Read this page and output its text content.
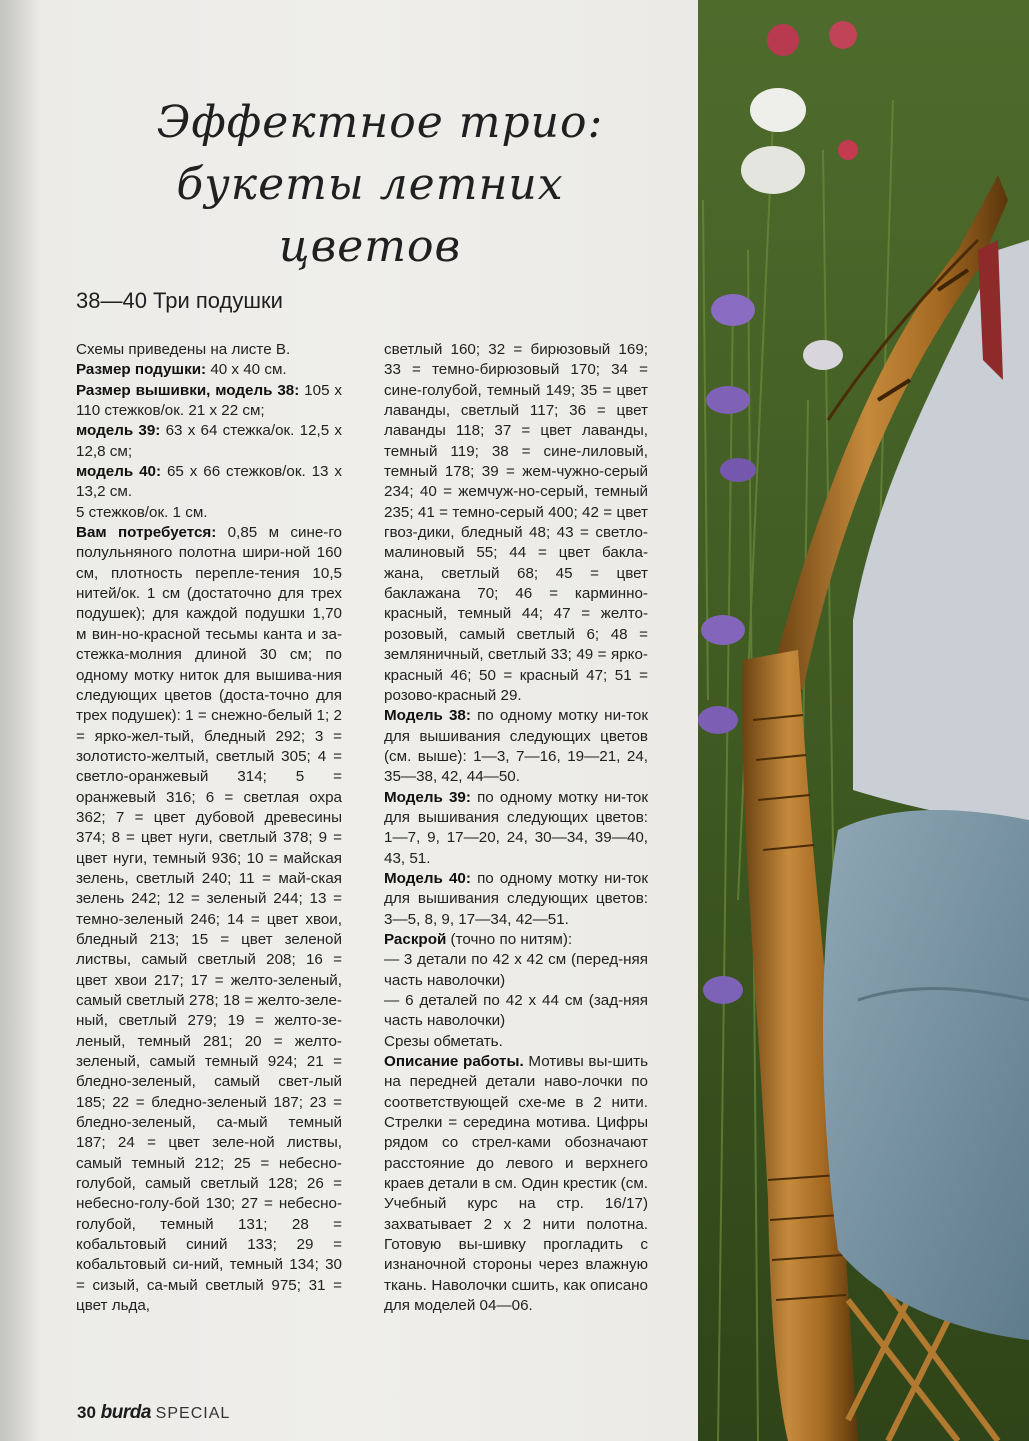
Эффектное трио:
букеты летних цветов
38—40 Три подушки

Схемы приведены на листе B.

Размер подушки: 40 x 40 см.

Размер вышивки, модель 38: 105 x 110 стежков/ок. 21 x 22 см;

модель 39: 63 x 64 стежка/ок. 12,5 x 12,8 см;

модель 40: 65 x 66 стежков/ок. 13 x 13,2 см.

5 стежков/ок. 1 см.

Вам потребуется: 0,85 м сине-го полульняного полотна шири-ной 160 см, плотность перепле-тения 10,5 нитей/ок. 1 см (достаточно для трех подушек); для каждой подушки 1,70 м вин-но-красной тесьмы канта и за-стежка-молния длиной 30 см; по одному мотку ниток для вышива-ния следующих цветов (доста-точно для трех подушек): 1 = снежно-белый 1; 2 = ярко-жел-тый, бледный 292; 3 = золотисто-желтый, светлый 305; 4 = светло-оранжевый 314; 5 = оранжевый 316; 6 = светлая охра 362; 7 = цвет дубовой древесины 374; 8 = цвет нуги, светлый 378; 9 = цвет нуги, темный 936; 10 = майская зелень, светлый 240; 11 = май-ская зелень 242; 12 = зеленый 244; 13 = темно-зеленый 246; 14 = цвет хвои, бледный 213; 15 = цвет зеленой листвы, самый светлый 208; 16 = цвет хвои 217; 17 = желто-зеленый, самый светлый 278; 18 = желто-зеле-ный, светлый 279; 19 = желто-зе-леный, темный 281; 20 = желто-зеленый, самый темный 924; 21 = бледно-зеленый, самый свет-лый 185; 22 = бледно-зеленый 187; 23 = бледно-зеленый, са-мый темный 187; 24 = цвет зеле-ной листвы, самый темный 212; 25 = небесно-голубой, самый светлый 128; 26 = небесно-голу-бой 130; 27 = небесно-голубой, темный 131; 28 = кобальтовый синий 133; 29 = кобальтовый си-ний, темный 134; 30 = сизый, са-мый светлый 975; 31 = цвет льда,

светлый 160; 32 = бирюзовый 169; 33 = темно-бирюзовый 170; 34 = сине-голубой, темный 149; 35 = цвет лаванды, светлый 117; 36 = цвет лаванды 118; 37 = цвет лаванды, темный 119; 38 = сине-лиловый, темный 178; 39 = жем-чужно-серый 234; 40 = жемчуж-но-серый, темный 235; 41 = темно-серый 400; 42 = цвет гвоз-дики, бледный 48; 43 = светло-малиновый 55; 44 = цвет бакла-жана, светлый 68; 45 = цвет баклажана 70; 46 = карминно-красный, темный 44; 47 = желто-розовый, самый светлый 6; 48 = земляничный, светлый 33; 49 = ярко-красный 46; 50 = красный 47; 51 = розово-красный 29.

Модель 38: по одному мотку ни-ток для вышивания следующих цветов (см. выше): 1—3, 7—16, 19—21, 24, 35—38, 42, 44—50.

Модель 39: по одному мотку ни-ток для вышивания следующих цветов: 1—7, 9, 17—20, 24, 30—34, 39—40, 43, 51.

Модель 40: по одному мотку ни-ток для вышивания следующих цветов: 3—5, 8, 9, 17—34, 42—51.

Раскрой (точно по нитям):

— 3 детали по 42 x 42 см (перед-няя часть наволочки)

— 6 деталей по 42 x 44 см (зад-няя часть наволочки)

Срезы обметать.

Описание работы. Мотивы вы-шить на передней детали наво-лочки по соответствующей схе-ме в 2 нити. Стрелки = середина мотива. Цифры рядом со стрел-ками обозначают расстояние до левого и верхнего краев детали в см. Один крестик (см. Учебный курс на стр. 16/17) захватывает 2 x 2 нити полотна. Готовую вы-шивку прогладить с изнаночной стороны через влажную ткань. Наволочки сшить, как описано для моделей 04—06.

30 burda SPECIAL
